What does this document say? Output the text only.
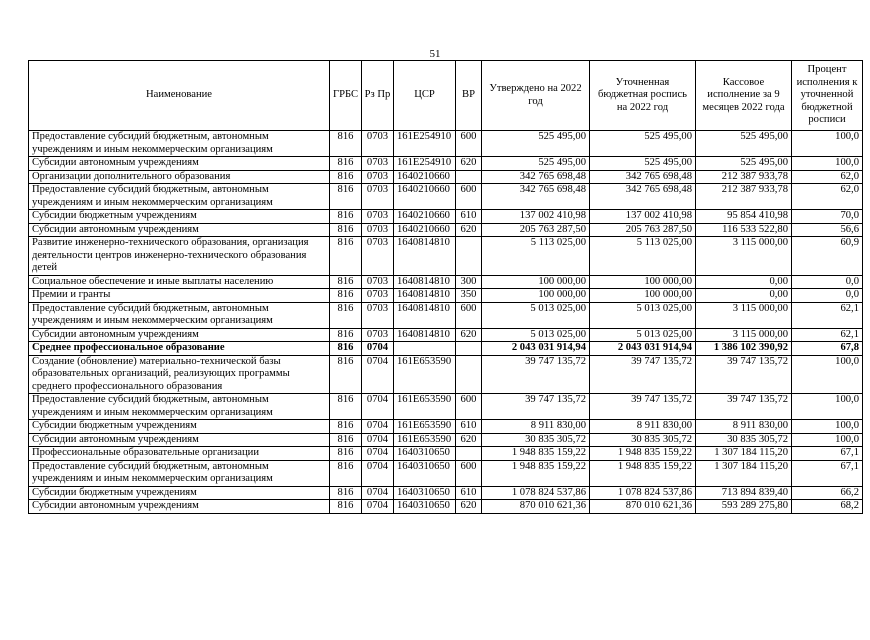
51
Наименование	ГРБС	Рз Пр	ЦСР	ВР	Утверждено на 2022 год	Уточненная бюджетная роспись на 2022 год	Кассовое исполнение за 9 месяцев 2022 года	Процент исполнения к уточненной бюджетной росписи
Предоставление субсидий бюджетным, автономным учреждениям и иным некоммерческим организациям	816	0703	161E254910	600	525 495,00	525 495,00	525 495,00	100,0
Субсидии автономным учреждениям	816	0703	161E254910	620	525 495,00	525 495,00	525 495,00	100,0
Организации дополнительного образования	816	0703	1640210660		342 765 698,48	342 765 698,48	212 387 933,78	62,0
Предоставление субсидий бюджетным, автономным учреждениям и иным некоммерческим организациям	816	0703	1640210660	600	342 765 698,48	342 765 698,48	212 387 933,78	62,0
Субсидии бюджетным учреждениям	816	0703	1640210660	610	137 002 410,98	137 002 410,98	95 854 410,98	70,0
Субсидии автономным учреждениям	816	0703	1640210660	620	205 763 287,50	205 763 287,50	116 533 522,80	56,6
Развитие инженерно-технического образования, организация деятельности центров инженерно-технического образования детей	816	0703	1640814810		5 113 025,00	5 113 025,00	3 115 000,00	60,9
Социальное обеспечение и иные выплаты населению	816	0703	1640814810	300	100 000,00	100 000,00	0,00	0,0
Премии и гранты	816	0703	1640814810	350	100 000,00	100 000,00	0,00	0,0
Предоставление субсидий бюджетным, автономным учреждениям и иным некоммерческим организациям	816	0703	1640814810	600	5 013 025,00	5 013 025,00	3 115 000,00	62,1
Субсидии автономным учреждениям	816	0703	1640814810	620	5 013 025,00	5 013 025,00	3 115 000,00	62,1
Среднее профессиональное образование	816	0704			2 043 031 914,94	2 043 031 914,94	1 386 102 390,92	67,8
Создание (обновление) материально-технической базы образовательных организаций, реализующих программы среднего профессионального образования	816	0704	161E653590		39 747 135,72	39 747 135,72	39 747 135,72	100,0
Предоставление субсидий бюджетным, автономным учреждениям и иным некоммерческим организациям	816	0704	161E653590	600	39 747 135,72	39 747 135,72	39 747 135,72	100,0
Субсидии бюджетным учреждениям	816	0704	161E653590	610	8 911 830,00	8 911 830,00	8 911 830,00	100,0
Субсидии автономным учреждениям	816	0704	161E653590	620	30 835 305,72	30 835 305,72	30 835 305,72	100,0
Профессиональные образовательные организации	816	0704	1640310650		1 948 835 159,22	1 948 835 159,22	1 307 184 115,20	67,1
Предоставление субсидий бюджетным, автономным учреждениям и иным некоммерческим организациям	816	0704	1640310650	600	1 948 835 159,22	1 948 835 159,22	1 307 184 115,20	67,1
Субсидии бюджетным учреждениям	816	0704	1640310650	610	1 078 824 537,86	1 078 824 537,86	713 894 839,40	66,2
Субсидии автономным учреждениям	816	0704	1640310650	620	870 010 621,36	870 010 621,36	593 289 275,80	68,2
